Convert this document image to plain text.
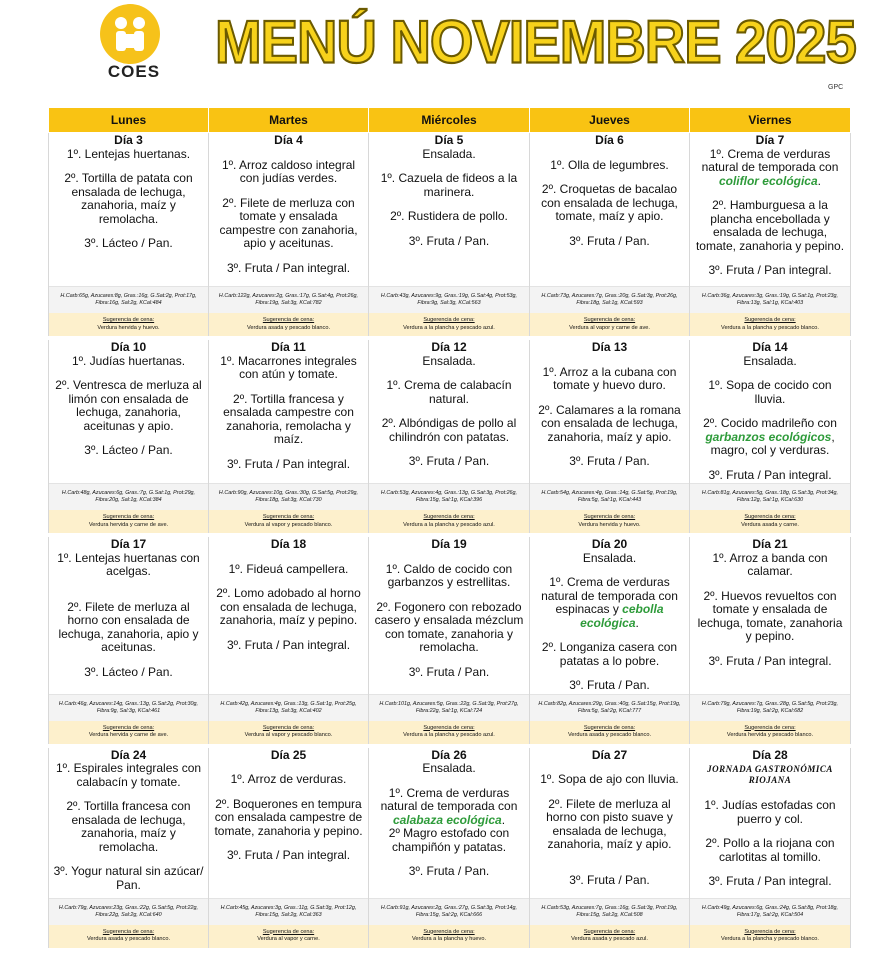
COES MENÚ NOVIEMBRE 2025
GPC
Lunes	Martes	Miércoles	Jueves	Viernes

Día 3
1º. Lentejas huertanas.
2º. Tortilla de patata con ensalada de lechuga, zanahoria, maíz y remolacha.
3º. Lácteo / Pan.	Día 4
1º. Arroz caldoso integral con judías verdes.
2º. Filete de merluza con tomate y ensalada campestre con zanahoria, apio y aceitunas.
3º. Fruta / Pan integral.	Día 5
Ensalada.
1º. Cazuela de fideos a la marinera.
2º. Rustidera de pollo.
3º. Fruta / Pan.	Día 6
1º. Olla de legumbres.
2º. Croquetas de bacalao con ensalada de lechuga, tomate, maíz y apio.
3º. Fruta / Pan.	Día 7
1º. Crema de verduras natural de temporada con coliflor ecológica.
2º. Hamburguesa a la plancha encebollada y ensalada de lechuga, tomate, zanahoria y pepino.
3º. Fruta / Pan integral.

H.Carb:65g, Azucares:8g, Gras.:16g, G.Sat:2g, Prot:17g, Fibra:16g, Sal:2g, KCal:484	H.Carb:122g, Azucares:2g, Gras.:17g, G.Sat:4g, Prot:26g, Fibra:19g, Sal:3g, KCal:782	H.Carb:43g, Azucares:9g, Gras.:19g, G.Sat:4g, Prot:53g, Fibra:9g, Sal:3g, KCal:563	H.Carb:73g, Azucares:7g, Gras.:20g, G.Sat:3g, Prot:26g, Fibra:18g, Sal:1g, KCal:593	H.Carb:36g, Azucares:3g, Gras.:19g, G.Sat:1g, Prot:23g, Fibra:13g, Sal:1g, KCal:403

Sugerencia de cena:
Verdura hervida y huevo.	Sugerencia de cena:
Verdura asada y pescado blanco.	Sugerencia de cena:
Verdura a la plancha y pescado azul.	Sugerencia de cena:
Verdura al vapor y carne de ave.	Sugerencia de cena:
Verdura a la plancha y pescado blanco.

Día 10
1º. Judías huertanas.
2º. Ventresca de merluza al limón con ensalada de lechuga, zanahoria, aceitunas y apio.
3º. Lácteo / Pan.	Día 11
1º. Macarrones integrales con atún y tomate.
2º. Tortilla francesa y ensalada campestre con zanahoria, remolacha y maíz.
3º. Fruta / Pan integral.	Día 12
Ensalada.
1º. Crema de calabacín natural.
2º. Albóndigas de pollo al chilindrón con patatas.
3º. Fruta / Pan.	Día 13
1º. Arroz a la cubana con tomate y huevo duro.
2º. Calamares a la romana con ensalada de lechuga, zanahoria, maíz y apio.
3º. Fruta / Pan.	Día 14
Ensalada.
1º. Sopa de cocido con lluvia.
2º. Cocido madrileño con garbanzos ecológicos, magro, col y verduras.
3º. Fruta / Pan integral.

H.Carb:48g, Azucares:6g, Gras.:7g, G.Sat:1g, Prot:29g, Fibra:20g, Sal:1g, KCal:384	H.Carb:90g, Azucares:10g, Gras.:30g, G.Sat:5g, Prot:29g, Fibra:18g, Sal:3g, KCal:730	H.Carb:53g, Azucares:4g, Gras.:13g, G.Sat:3g, Prot:26g, Fibra:15g, Sal:1g, KCal:396	H.Carb:54g, Azucares:4g, Gras.:14g, G.Sat:5g, Prot:19g, Fibra:5g, Sal:1g, KCal:443	H.Carb:81g, Azucares:5g, Gras.:18g, G.Sat:3g, Prot:34g, Fibra:12g, Sal:1g, KCal:630

Sugerencia de cena:
Verdura hervida y carne de ave.	Sugerencia de cena:
Verdura al vapor y pescado blanco.	Sugerencia de cena:
Verdura a la plancha y pescado azul.	Sugerencia de cena:
Verdura hervida y huevo.	Sugerencia de cena:
Verdura asada y carne.

Día 17
1º. Lentejas huertanas con acelgas.
2º. Filete de merluza al horno con ensalada de lechuga, zanahoria, apio y aceitunas.
3º. Lácteo / Pan.	Día 18
1º. Fideuá campellera.
2º. Lomo adobado al horno con ensalada de lechuga, zanahoria, maíz y pepino.
3º. Fruta / Pan integral.	Día 19
1º. Caldo de cocido con garbanzos y estrellitas.
2º. Fogonero con rebozado casero y ensalada mézclum con tomate, zanahoria y remolacha.
3º. Fruta / Pan.	Día 20
Ensalada.
1º. Crema de verduras natural de temporada con espinacas y cebolla ecológica.
2º. Longaniza casera con patatas a lo pobre.
3º. Fruta / Pan.	Día 21
1º. Arroz a banda con calamar.
2º. Huevos revueltos con tomate y ensalada de lechuga, tomate, zanahoria y pepino.
3º. Fruta / Pan integral.

H.Carb:46g, Azucares:14g, Gras.:13g, G.Sat:2g, Prot:30g, Fibra:9g, Sal:3g, KCal:461	H.Carb:42g, Azucares:4g, Gras.:13g, G.Sat:1g, Prot:25g, Fibra:13g, Sal:3g, KCal:402	H.Carb:101g, Azucares:5g, Gras.:22g, G.Sat:3g, Prot:27g, Fibra:22g, Sal:1g, KCal:724	H.Carb:82g, Azucares:29g, Gras.:40g, G.Sat:15g, Prot:19g, Fibra:5g, Sal:2g, KCal:777	H.Carb:79g, Azucares:7g, Gras.:28g, G.Sat:5g, Prot:23g, Fibra:19g, Sal:2g, KCal:682

Sugerencia de cena:
Verdura hervida y carne de ave.	Sugerencia de cena:
Verdura al vapor y pescado blanco.	Sugerencia de cena:
Verdura a la plancha y pescado azul.	Sugerencia de cena:
Verdura asada y pescado blanco.	Sugerencia de cena:
Verdura hervida y pescado blanco.

Día 24
1º. Espirales integrales con calabacín y tomate.
2º. Tortilla francesa con ensalada de lechuga, zanahoria, maíz y remolacha.
3º. Yogur natural sin azúcar/ Pan.	Día 25
1º. Arroz de verduras.
2º. Boquerones en tempura con ensalada campestre de tomate, zanahoria y pepino.
3º. Fruta / Pan integral.	Día 26
Ensalada.
1º. Crema de verduras natural de temporada con calabaza ecológica.
2º Magro estofado con champiñón y patatas.
3º. Fruta / Pan.	Día 27
1º. Sopa de ajo con lluvia.
2º. Filete de merluza al horno con pisto suave y ensalada de lechuga, zanahoria, maíz y apio.
3º. Fruta / Pan.	Día 28
JORNADA GASTRONÓMICA RIOJANA
1º. Judías estofadas con puerro y col.
2º. Pollo a la riojana con carlotitas al tomillo.
3º. Fruta / Pan integral.

H.Carb:79g, Azucares:23g, Gras.:22g, G.Sat:5g, Prot:22g, Fibra:22g, Sal:2g, KCal:640	H.Carb:45g, Azucares:3g, Gras.:11g, G.Sat:3g, Prot:12g, Fibra:15g, Sal:2g, KCal:363	H.Carb:91g, Azucares:2g, Gras.:27g, G.Sat:3g, Prot:14g, Fibra:15g, Sal:2g, KCal:666	H.Carb:53g, Azucares:7g, Gras.:16g, G.Sat:3g, Prot:19g, Fibra:15g, Sal:2g, KCal:508	H.Carb:49g, Azucares:6g, Gras.:24g, G.Sat:8g, Prot:18g, Fibra:17g, Sal:2g, KCal:504

Sugerencia de cena:
Verdura asada y pescado blanco.	Sugerencia de cena:
Verdura al vapor y carne.	Sugerencia de cena:
Verdura a la plancha y huevo.	Sugerencia de cena:
Verdura asada y pescado azul.	Sugerencia de cena:
Verdura a la plancha y pescado blanco.
